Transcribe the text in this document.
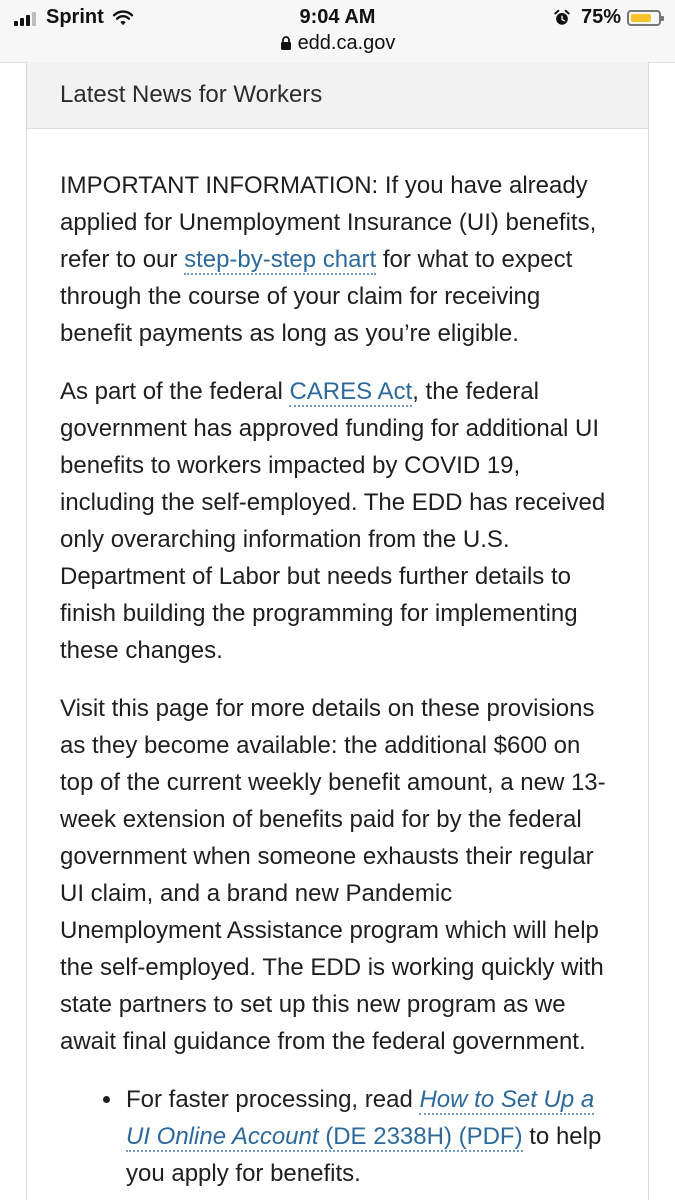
Sprint	9:04 AM
edd.ca.gov
75%
Latest News for Workers

IMPORTANT INFORMATION: If you have already applied for Unemployment Insurance (UI) benefits, refer to our step-by-step chart for what to expect through the course of your claim for receiving benefit payments as long as you’re eligible.

As part of the federal CARES Act, the federal government has approved funding for additional UI benefits to workers impacted by COVID 19, including the self-employed. The EDD has received only overarching information from the U.S. Department of Labor but needs further details to finish building the programming for implementing these changes.

Visit this page for more details on these provisions as they become available: the additional $600 on top of the current weekly benefit amount, a new 13-week extension of benefits paid for by the federal government when someone exhausts their regular UI claim, and a brand new Pandemic Unemployment Assistance program which will help the self-employed. The EDD is working quickly with state partners to set up this new program as we await final guidance from the federal government.

• For faster processing, read How to Set Up a UI Online Account (DE 2338H) (PDF) to help you apply for benefits.
